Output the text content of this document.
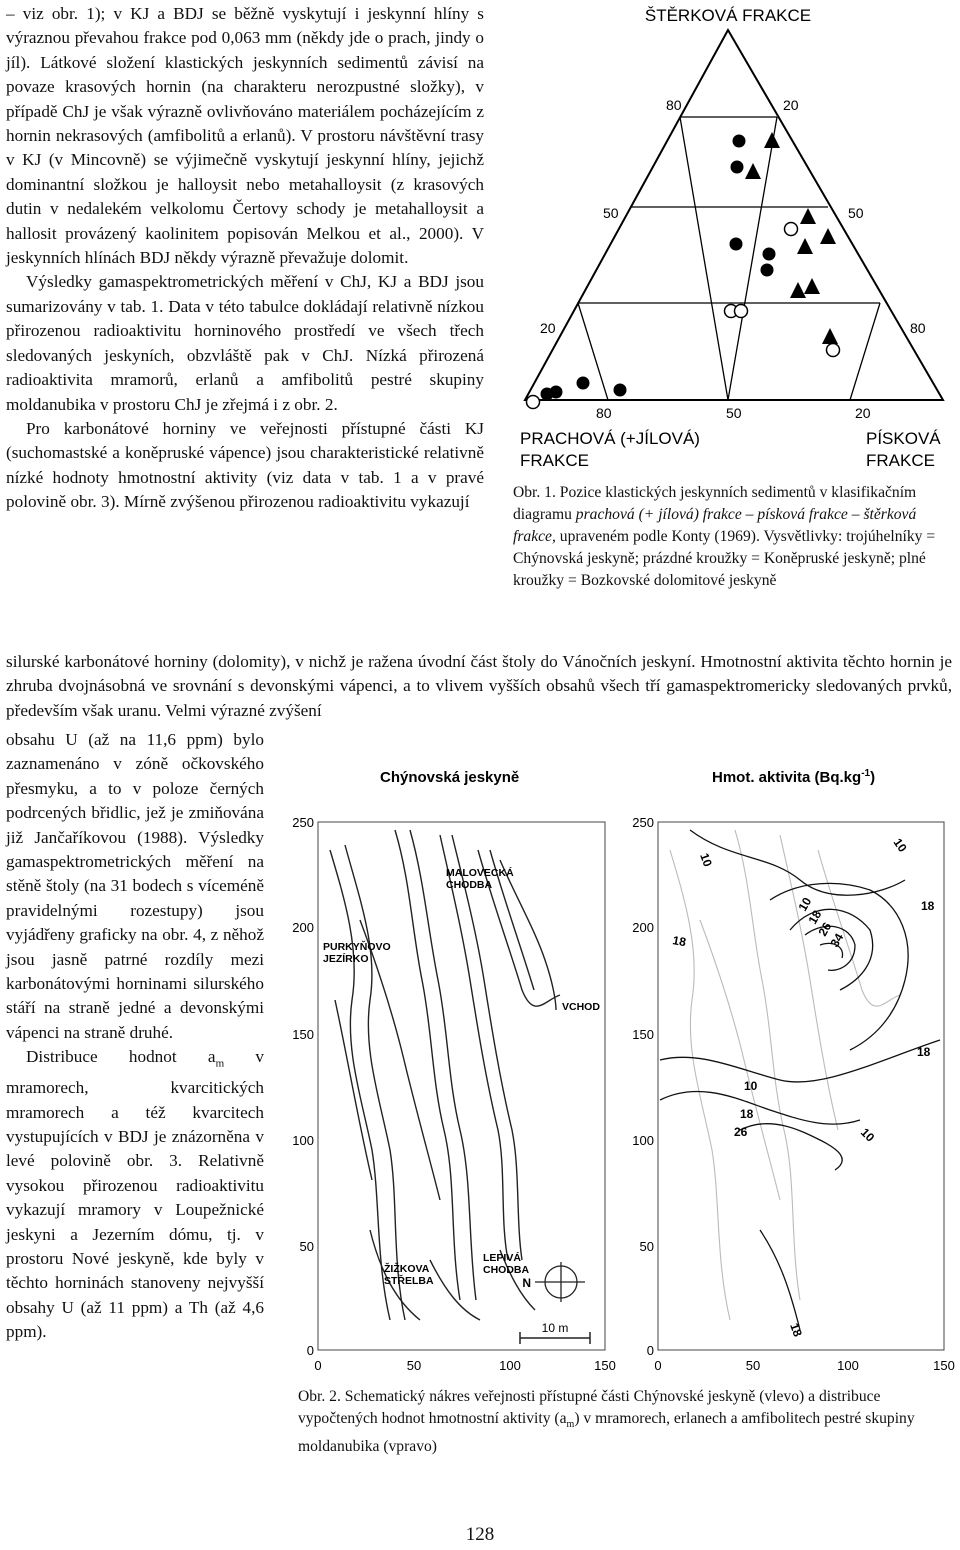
– viz obr. 1); v KJ a BDJ se běžně vyskytují i jeskynní hlíny s výraznou převahou frakce pod 0,063 mm (někdy jde o prach, jindy o jíl). Látkové složení klastických jeskynních sedimentů závisí na povaze krasových hornin (na charakteru nerozpustné složky), v případě ChJ je však výrazně ovlivňováno materiálem pocházejícím z hornin nekrasových (amfibolitů a erlanů). V prostoru návštěvní trasy v KJ (v Mincovně) se výjimečně vyskytují jeskynní hlíny, jejichž dominantní složkou je halloysit nebo metahalloysit (z krasových dutin v nedalekém velkolomu Čertovy schody je metahalloysit a hallosit provázený kaolinitem popisován Melkou et al., 2000). V jeskynních hlínách BDJ někdy výrazně převažuje dolomit.

Výsledky gamaspektrometrických měření v ChJ, KJ a BDJ jsou sumarizovány v tab. 1. Data v této tabulce dokládají relativně nízkou přirozenou radioaktivitu horninového prostředí ve všech třech sledovaných jeskyních, obzvláště pak v ChJ. Nízká přirozená radioaktivita mramorů, erlanů a amfibolitů pestré skupiny moldanubika v prostoru ChJ je zřejmá i z obr. 2.

Pro karbonátové horniny ve veřejnosti přístupné části KJ (suchomastské a koněpruské vápence) jsou charakteristické relativně nízké hodnoty hmotnostní aktivity (viz data v tab. 1 a v pravé polovině obr. 3). Mírně zvýšenou přirozenou radioaktivitu vykazují

silurské karbonátové horniny (dolomity), v nichž je ražena úvodní část štoly do Vánočních jeskyní. Hmotnostní aktivita těchto hornin je zhruba dvojnásobná ve srovnání s devonskými vápenci, a to vlivem vyšších obsahů všech tří gamaspektromericky sledovaných prvků, především však uranu. Velmi výrazné zvýšení

obsahu U (až na 11,6 ppm) bylo zaznamenáno v zóně očkovského přesmyku, a to v poloze černých podrcených břidlic, jež je zmiňována již Jančaříkovou (1988). Výsledky gamaspektrometrických měření na stěně štoly (na 31 bodech s víceméně pravidelnými rozestupy) jsou vyjádřeny graficky na obr. 4, z něhož jsou jasně patrné rozdíly mezi karbonátovými horninami silurského stáří na straně jedné a devonskými vápenci na straně druhé.

Distribuce hodnot $a_m$ v mramorech, kvarcitických mramorech a též kvarcitech vystupujících v BDJ je znázorněna v levé polovině obr. 3. Relativně vysokou přirozenou radioaktivitu vykazují mramory v Loupežnické jeskyni a Jezerním dómu, tj. v prostoru Nové jeskyně, kde byly v těchto horninách stanoveny nejvyšší obsahy U (až 11 ppm) a Th (až 4,6 ppm).

ŠTĚRKOVÁ FRAKCE
80	20
50	50
20	80
80	50	20
PRACHOVÁ (+JÍLOVÁ)
FRAKCE
PÍSKOVÁ
FRAKCE
Obr. 1. Pozice klastických jeskynních sedimentů v klasifikačním diagramu prachová (+ jílová) frakce – písková frakce – štěrková frakce, upraveném podle Konty (1969). Vysvětlivky: trojúhelníky = Chýnovská jeskyně; prázdné kroužky = Koněpruské jeskyně; plné kroužky = Bozkovské dolomitové jeskyně
Chýnovská jeskyně	Hmot. aktivita $(Bq.kg^{-1})$
0
50
100
150
200
250
0	50	100	150
N
10 m
MALOVECKÁ
CHODBA
PURKYŇOVO
JEZÍRKO
VCHOD
ŽIŽKOVA
STŘELBA
LEPIVÁ
CHODBA
0
50
100
150
200
250
0	50	100	150
10
10
18
18
10
18
26
34
18
10
18
26	10
18
Obr. 2. Schematický nákres veřejnosti přístupné části Chýnovské jeskyně (vlevo) a distribuce vypočtených hodnot hmotnostní aktivity $(a_m)$ v mramorech, erlanech a amfibolitech pestré skupiny moldanubika (vpravo)
128
